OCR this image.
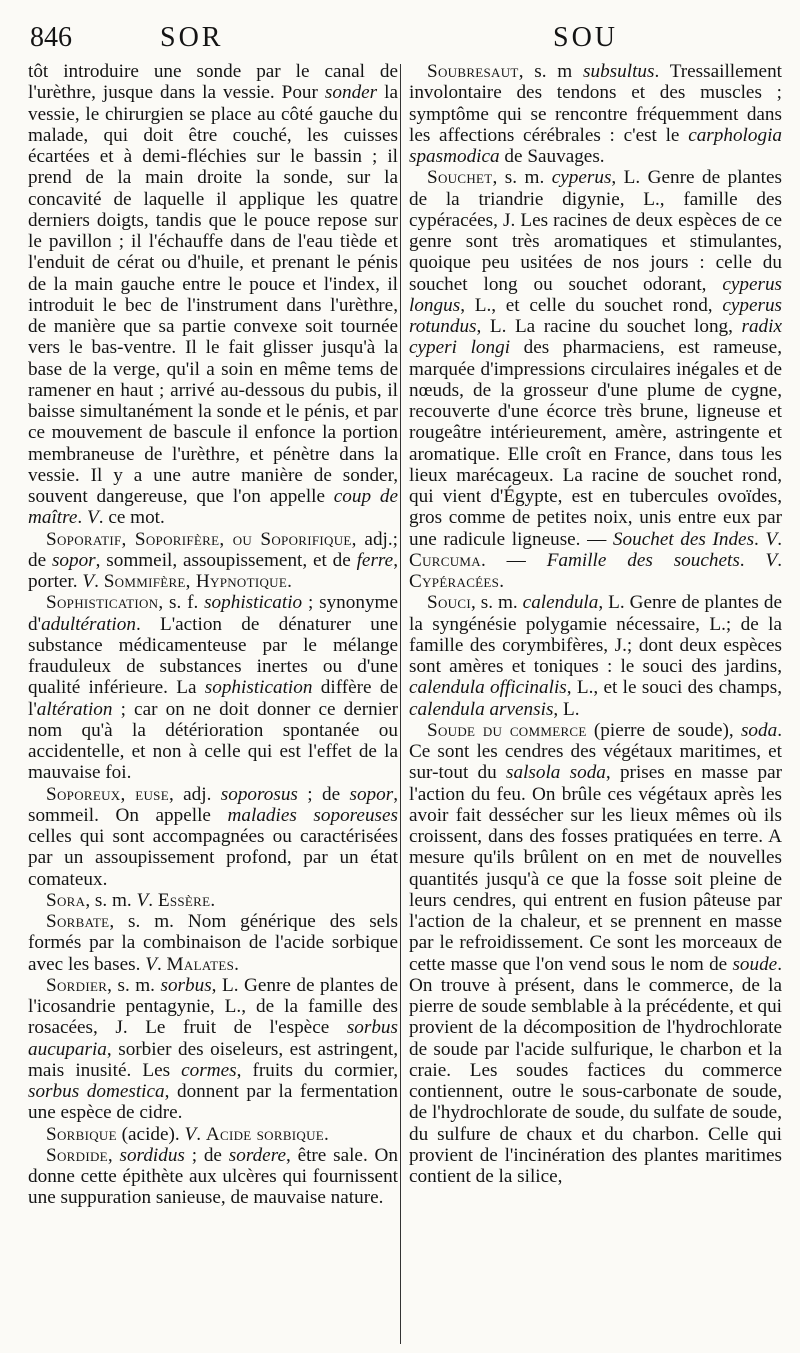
846	SOR	SOU

tôt introduire une sonde par le canal de l'urèthre, jusque dans la vessie. Pour sonder la vessie, le chirurgien se place au côté gauche du malade, qui doit être couché, les cuisses écartées et à demi-fléchies sur le bassin ; il prend de la main droite la sonde, sur la concavité de laquelle il applique les quatre derniers doigts, tandis que le pouce repose sur le pavillon ; il l'échauffe dans de l'eau tiède et l'enduit de cérat ou d'huile, et prenant le pénis de la main gauche entre le pouce et l'index, il introduit le bec de l'instrument dans l'urèthre, de manière que sa partie convexe soit tournée vers le bas-ventre. Il le fait glisser jusqu'à la base de la verge, qu'il a soin en même tems de ramener en haut ; arrivé au-dessous du pubis, il baisse simultanément la sonde et le pénis, et par ce mouvement de bascule il enfonce la portion membraneuse de l'urèthre, et pénètre dans la vessie. Il y a une autre manière de sonder, souvent dangereuse, que l'on appelle coup de maître. V. ce mot.

Soporatif, Soporifère, ou Soporifique, adj.; de sopor, sommeil, assoupissement, et de ferre, porter. V. Sommifère, Hypnotique.

Sophistication, s. f. sophisticatio ; synonyme d'adultération. L'action de dénaturer une substance médicamenteuse par le mélange frauduleux de substances inertes ou d'une qualité inférieure. La sophistication diffère de l'altération ; car on ne doit donner ce dernier nom qu'à la détérioration spontanée ou accidentelle, et non à celle qui est l'effet de la mauvaise foi.

Soporeux, euse, adj. soporosus ; de sopor, sommeil. On appelle maladies soporeuses celles qui sont accompagnées ou caractérisées par un assoupissement profond, par un état comateux.

Sora, s. m. V. Essère.

Sorbate, s. m. Nom générique des sels formés par la combinaison de l'acide sorbique avec les bases. V. Malates.

Sordier, s. m. sorbus, L. Genre de plantes de l'icosandrie pentagynie, L., de la famille des rosacées, J. Le fruit de l'espèce sorbus aucuparia, sorbier des oiseleurs, est astringent, mais inusité. Les cormes, fruits du cormier, sorbus domestica, donnent par la fermentation une espèce de cidre.

Sorbique (acide). V. Acide sorbique.

Sordide, sordidus ; de sordere, être sale. On donne cette épithète aux ulcères qui fournissent une suppuration sanieuse, de mauvaise nature.

Soubresaut, s. m subsultus. Tressaillement involontaire des tendons et des muscles ; symptôme qui se rencontre fréquemment dans les affections cérébrales : c'est le carphologia spasmodica de Sauvages.

Souchet, s. m. cyperus, L. Genre de plantes de la triandrie digynie, L., famille des cypéracées, J. Les racines de deux espèces de ce genre sont très aromatiques et stimulantes, quoique peu usitées de nos jours : celle du souchet long ou souchet odorant, cyperus longus, L., et celle du souchet rond, cyperus rotundus, L. La racine du souchet long, radix cyperi longi des pharmaciens, est rameuse, marquée d'impressions circulaires inégales et de nœuds, de la grosseur d'une plume de cygne, recouverte d'une écorce très brune, ligneuse et rougeâtre intérieurement, amère, astringente et aromatique. Elle croît en France, dans tous les lieux marécageux. La racine de souchet rond, qui vient d'Égypte, est en tubercules ovoïdes, gros comme de petites noix, unis entre eux par une radicule ligneuse. — Souchet des Indes. V. Curcuma. — Famille des souchets. V. Cypéracées.

Souci, s. m. calendula, L. Genre de plantes de la syngénésie polygamie nécessaire, L.; de la famille des corymbifères, J.; dont deux espèces sont amères et toniques : le souci des jardins, calendula officinalis, L., et le souci des champs, calendula arvensis, L.

Soude du commerce (pierre de soude), soda. Ce sont les cendres des végétaux maritimes, et sur-tout du salsola soda, prises en masse par l'action du feu. On brûle ces végétaux après les avoir fait dessécher sur les lieux mêmes où ils croissent, dans des fosses pratiquées en terre. A mesure qu'ils brûlent on en met de nouvelles quantités jusqu'à ce que la fosse soit pleine de leurs cendres, qui entrent en fusion pâteuse par l'action de la chaleur, et se prennent en masse par le refroidissement. Ce sont les morceaux de cette masse que l'on vend sous le nom de soude. On trouve à présent, dans le commerce, de la pierre de soude semblable à la précédente, et qui provient de la décomposition de l'hydrochlorate de soude par l'acide sulfurique, le charbon et la craie. Les soudes factices du commerce contiennent, outre le sous-carbonate de soude, de l'hydrochlorate de soude, du sulfate de soude, du sulfure de chaux et du charbon. Celle qui provient de l'incinération des plantes maritimes contient de la silice,
